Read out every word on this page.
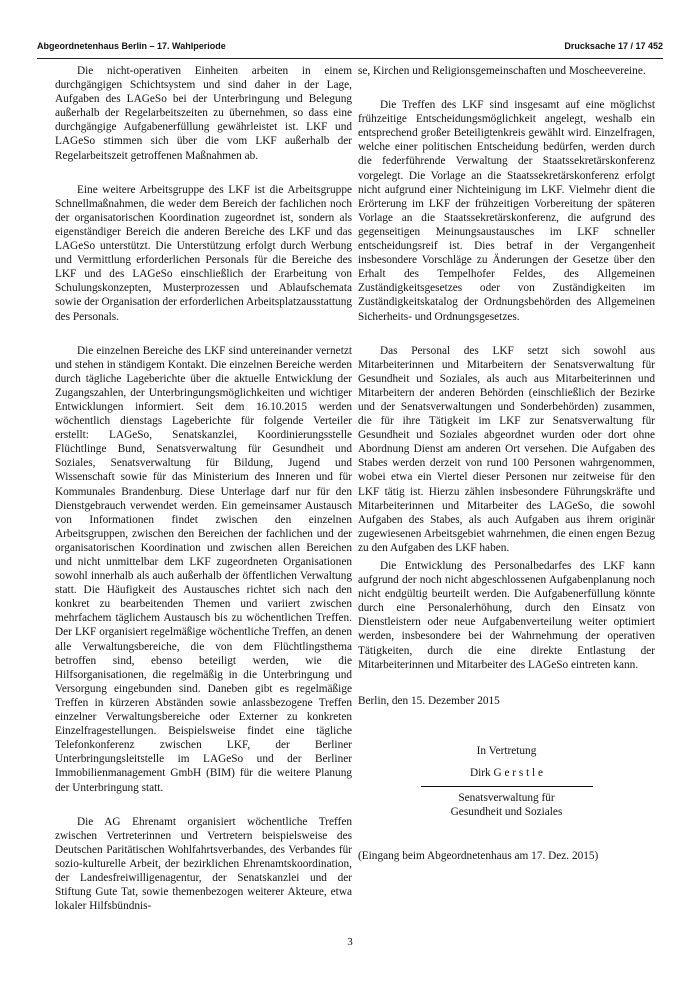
Abgeordnetenhaus Berlin – 17. Wahlperiode	Drucksache 17 / 17 452

Die nicht-operativen Einheiten arbeiten in einem durchgängigen Schichtsystem und sind daher in der Lage, Aufgaben des LAGeSo bei der Unterbringung und Belegung außerhalb der Regelarbeitszeiten zu übernehmen, so dass eine durchgängige Aufgabenerfüllung gewährleistet ist. LKF und LAGeSo stimmen sich über die vom LKF außerhalb der Regelarbeitszeit getroffenen Maßnahmen ab.

Eine weitere Arbeitsgruppe des LKF ist die Arbeitsgruppe Schnellmaßnahmen, die weder dem Bereich der fachlichen noch der organisatorischen Koordination zugeordnet ist, sondern als eigenständiger Bereich die anderen Bereiche des LKF und das LAGeSo unterstützt. Die Unterstützung erfolgt durch Werbung und Vermittlung erforderlichen Personals für die Bereiche des LKF und des LAGeSo einschließlich der Erarbeitung von Schulungskonzepten, Musterprozessen und Ablaufschemata sowie der Organisation der erforderlichen Arbeitsplatzausstattung des Personals.

Die einzelnen Bereiche des LKF sind untereinander vernetzt und stehen in ständigem Kontakt. Die einzelnen Bereiche werden durch tägliche Lageberichte über die aktuelle Entwicklung der Zugangszahlen, der Unterbringungsmöglichkeiten und wichtiger Entwicklungen informiert. Seit dem 16.10.2015 werden wöchentlich dienstags Lageberichte für folgende Verteiler erstellt: LAGeSo, Senatskanzlei, Koordinierungsstelle Flüchtlinge Bund, Senatsverwaltung für Gesundheit und Soziales, Senatsverwaltung für Bildung, Jugend und Wissenschaft sowie für das Ministerium des Inneren und für Kommunales Brandenburg. Diese Unterlage darf nur für den Dienstgebrauch verwendet werden. Ein gemeinsamer Austausch von Informationen findet zwischen den einzelnen Arbeitsgruppen, zwischen den Bereichen der fachlichen und der organisatorischen Koordination und zwischen allen Bereichen und nicht unmittelbar dem LKF zugeordneten Organisationen sowohl innerhalb als auch außerhalb der öffentlichen Verwaltung statt. Die Häufigkeit des Austausches richtet sich nach den konkret zu bearbeitenden Themen und variiert zwischen mehrfachem täglichem Austausch bis zu wöchentlichen Treffen. Der LKF organisiert regelmäßige wöchentliche Treffen, an denen alle Verwaltungsbereiche, die von dem Flüchtlingsthema betroffen sind, ebenso beteiligt werden, wie die Hilfsorganisationen, die regelmäßig in die Unterbringung und Versorgung eingebunden sind. Daneben gibt es regelmäßige Treffen in kürzeren Abständen sowie anlassbezogene Treffen einzelner Verwaltungsbereiche oder Externer zu konkreten Einzelfragestellungen. Beispielsweise findet eine tägliche Telefonkonferenz zwischen LKF, der Berliner Unterbringungsleitstelle im LAGeSo und der Berliner Immobilienmanagement GmbH (BIM) für die weitere Planung der Unterbringung statt.

Die AG Ehrenamt organisiert wöchentliche Treffen zwischen Vertreterinnen und Vertretern beispielsweise des Deutschen Paritätischen Wohlfahrtsverbandes, des Verbandes für sozio-kulturelle Arbeit, der bezirklichen Ehrenamtskoordination, der Landesfreiwilligenagentur, der Senatskanzlei und der Stiftung Gute Tat, sowie themenbezogen weiterer Akteure, etwa lokaler Hilfsbündnis-

se, Kirchen und Religionsgemeinschaften und Moscheevereine.

Die Treffen des LKF sind insgesamt auf eine möglichst frühzeitige Entscheidungsmöglichkeit angelegt, weshalb ein entsprechend großer Beteiligtenkreis gewählt wird. Einzelfragen, welche einer politischen Entscheidung bedürfen, werden durch die federführende Verwaltung der Staatssekretärskonferenz vorgelegt. Die Vorlage an die Staatssekretärskonferenz erfolgt nicht aufgrund einer Nichteinigung im LKF. Vielmehr dient die Erörterung im LKF der frühzeitigen Vorbereitung der späteren Vorlage an die Staatssekretärskonferenz, die aufgrund des gegenseitigen Meinungsaustausches im LKF schneller entscheidungsreif ist. Dies betraf in der Vergangenheit insbesondere Vorschläge zu Änderungen der Gesetze über den Erhalt des Tempelhofer Feldes, des Allgemeinen Zuständigkeitsgesetzes oder von Zuständigkeiten im Zuständigkeitskatalog der Ordnungsbehörden des Allgemeinen Sicherheits- und Ordnungsgesetzes.

Das Personal des LKF setzt sich sowohl aus Mitarbeiterinnen und Mitarbeitern der Senatsverwaltung für Gesundheit und Soziales, als auch aus Mitarbeiterinnen und Mitarbeitern der anderen Behörden (einschließlich der Bezirke und der Senatsverwaltungen und Sonderbehörden) zusammen, die für ihre Tätigkeit im LKF zur Senatsverwaltung für Gesundheit und Soziales abgeordnet wurden oder dort ohne Abordnung Dienst am anderen Ort versehen. Die Aufgaben des Stabes werden derzeit von rund 100 Personen wahrgenommen, wobei etwa ein Viertel dieser Personen nur zeitweise für den LKF tätig ist. Hierzu zählen insbesondere Führungskräfte und Mitarbeiterinnen und Mitarbeiter des LAGeSo, die sowohl Aufgaben des Stabes, als auch Aufgaben aus ihrem originär zugewiesenen Arbeitsgebiet wahrnehmen, die einen engen Bezug zu den Aufgaben des LKF haben.

Die Entwicklung des Personalbedarfes des LKF kann aufgrund der noch nicht abgeschlossenen Aufgabenplanung noch nicht endgültig beurteilt werden. Die Aufgabenerfüllung könnte durch eine Personalerhöhung, durch den Einsatz von Dienstleistern oder neue Aufgabenverteilung weiter optimiert werden, insbesondere bei der Wahrnehmung der operativen Tätigkeiten, durch die eine direkte Entlastung der Mitarbeiterinnen und Mitarbeiter des LAGeSo eintreten kann.

Berlin, den 15. Dezember 2015

In Vertretung
Dirk G e r s t l e
Senatsverwaltung für
Gesundheit und Soziales

(Eingang beim Abgeordnetenhaus am 17. Dez. 2015)

3
